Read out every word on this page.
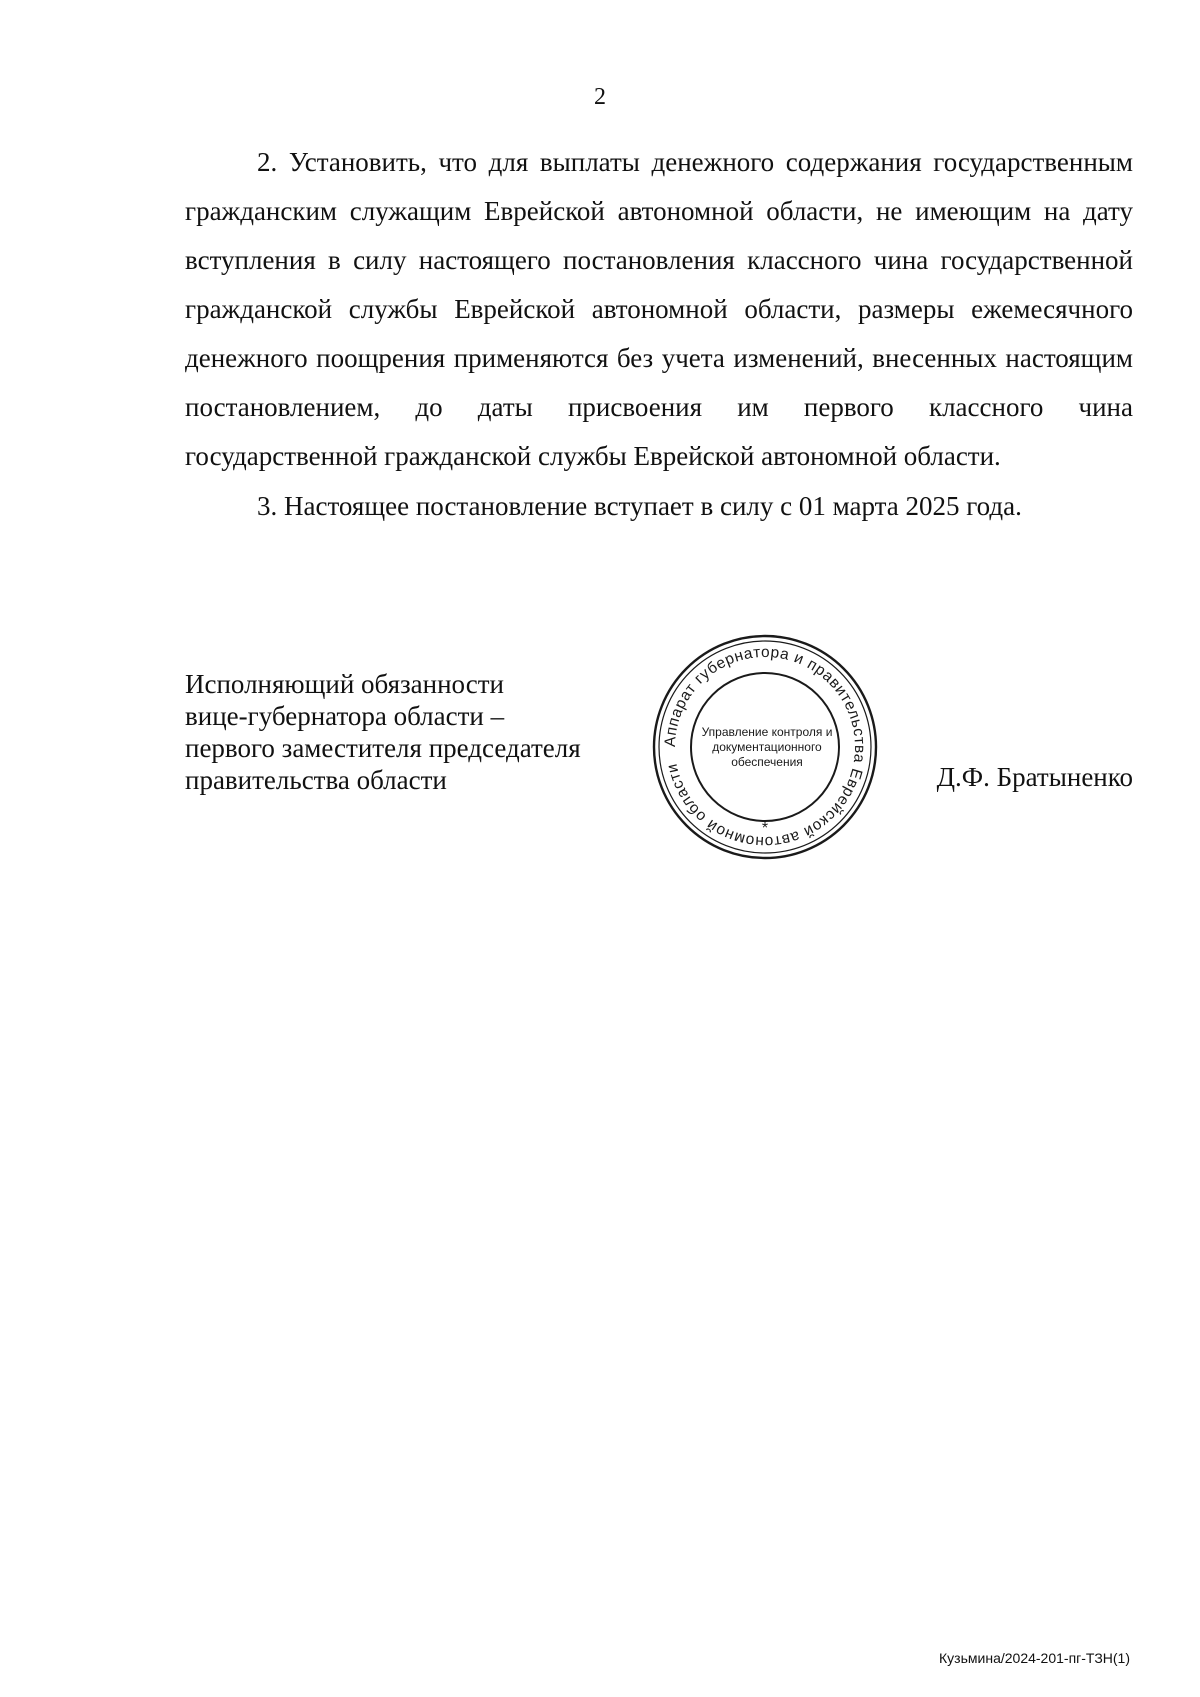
2

2. Установить, что для выплаты денежного содержания государственным гражданским служащим Еврейской автономной области, не имеющим на дату вступления в силу настоящего постановления классного чина государственной гражданской службы Еврейской автономной области, размеры ежемесячного денежного поощрения применяются без учета изменений, внесенных настоящим постановлением, до даты присвоения им первого классного чина государственной гражданской службы Еврейской автономной области.

3. Настоящее постановление вступает в силу с 01 марта 2025 года.

Исполняющий обязанности
вице-губернатора области –
первого заместителя председателя
правительства области
Аппарат губернатора и правительства Еврейской автономной области
*
Управление контроля и
документационного
обеспечения	Д.Ф. Братыненко
Кузьмина/2024-201-пг-ТЗН(1)
